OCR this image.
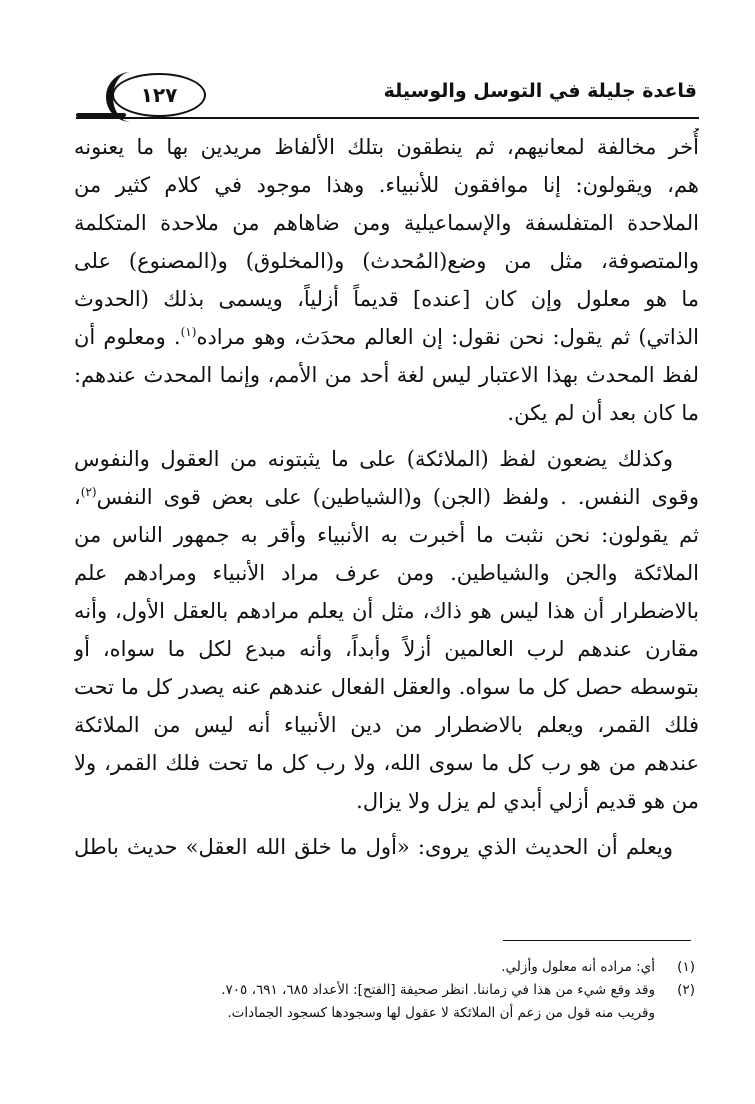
قاعدة جليلة في التوسل والوسيلة
١٢٧

أُخر مخالفة لمعانيهم، ثم ينطقون بتلك الألفاظ مريدين بها ما يعنونه
هم، ويقولون: إنا موافقون للأنبياء. وهذا موجود في كلام كثير من
الملاحدة المتفلسفة والإسماعيلية ومن ضاهاهم من ملاحدة المتكلمة
والمتصوفة، مثل من وضع(المُحدث) و(المخلوق) و(المصنوع) على
ما هو معلول وإن كان [عنده] قديماً أزلياً، ويسمى بذلك (الحدوث
الذاتي) ثم يقول: نحن نقول: إن العالم محدَث، وهو مراده$^{(١)}$. ومعلوم أن
لفظ المحدث بهذا الاعتبار ليس لغة أحد من الأمم، وإنما المحدث عندهم:
ما كان بعد أن لم يكن.

وكذلك يضعون لفظ (الملائكة) على ما يثبتونه من العقول والنفوس
وقوى النفس. . ولفظ (الجن) و(الشياطين) على بعض قوى النفس$^{(٢)}$،
ثم يقولون: نحن نثبت ما أخبرت به الأنبياء وأقر به جمهور الناس من
الملائكة والجن والشياطين. ومن عرف مراد الأنبياء ومرادهم علم
بالاضطرار أن هذا ليس هو ذاك، مثل أن يعلم مرادهم بالعقل الأول، وأنه
مقارن عندهم لرب العالمين أزلاً وأبداً، وأنه مبدع لكل ما سواه، أو
بتوسطه حصل كل ما سواه. والعقل الفعال عندهم عنه يصدر كل ما تحت
فلك القمر، ويعلم بالاضطرار من دين الأنبياء أنه ليس من الملائكة
عندهم من هو رب كل ما سوى الله، ولا رب كل ما تحت فلك القمر، ولا
من هو قديم أزلي أبدي لم يزل ولا يزال.

ويعلم أن الحديث الذي يروى: «أول ما خلق الله العقل» حديث باطل

(١)
أي: مراده أنه معلول وأزلي.
(٢)
وقد وقع شيء من هذا في زماننا. انظر صحيفة [الفتح]: الأعداد ٦٨٥، ٦٩١، ٧٠٥.
وقريب منه قول من زعم أن الملائكة لا عقول لها وسجودها كسجود الجمادات.
